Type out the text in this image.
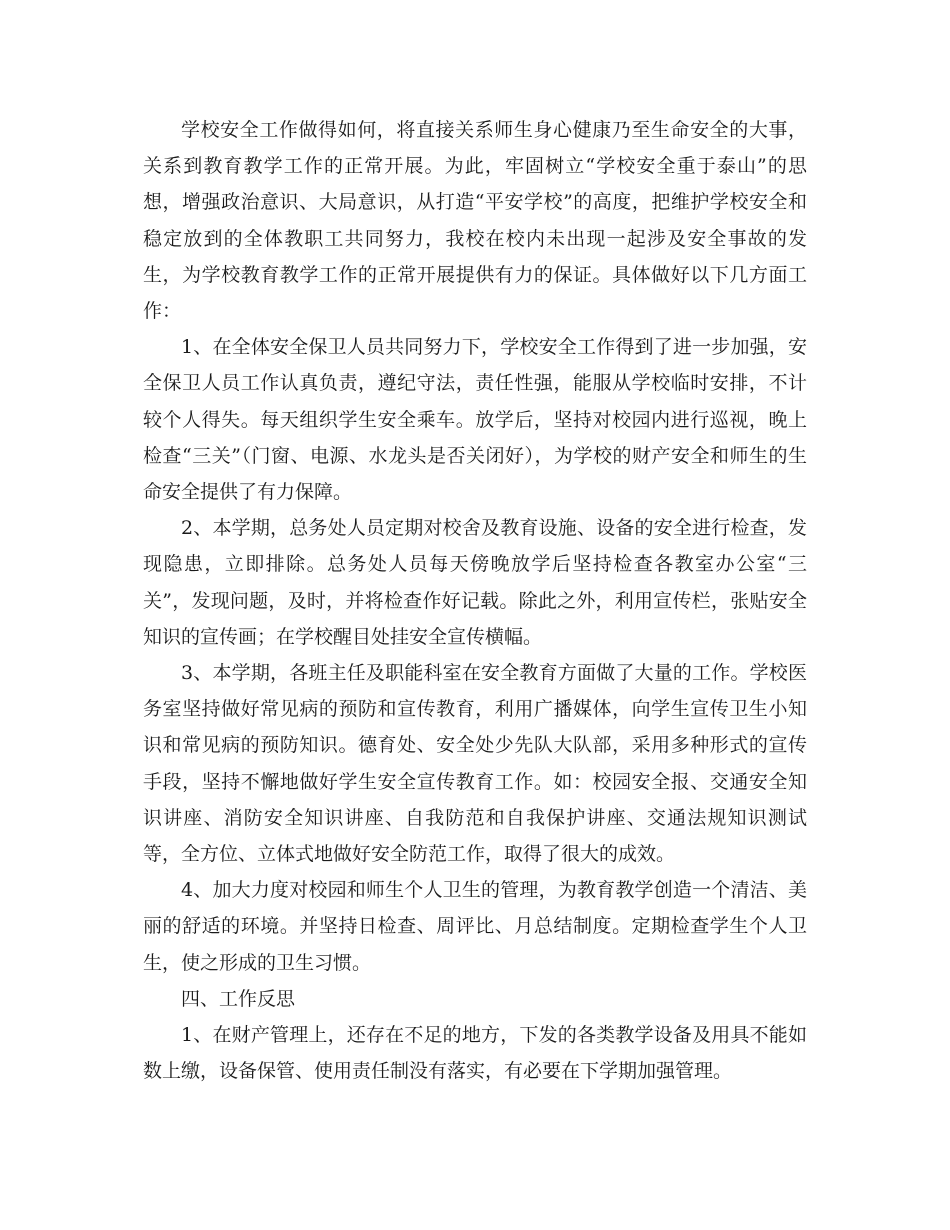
学校安全工作做得如何，将直接关系师生身心健康乃至生命安全的大事，关系到教育教学工作的正常开展。为此，牢固树立“学校安全重于泰山”的思想，增强政治意识、大局意识，从打造“平安学校”的高度，把维护学校安全和稳定放到的全体教职工共同努力，我校在校内未出现一起涉及安全事故的发生，为学校教育教学工作的正常开展提供有力的保证。具体做好以下几方面工作：

1、在全体安全保卫人员共同努力下，学校安全工作得到了进一步加强，安全保卫人员工作认真负责，遵纪守法，责任性强，能服从学校临时安排，不计较个人得失。每天组织学生安全乘车。放学后，坚持对校园内进行巡视，晚上检查“三关”（门窗、电源、水龙头是否关闭好），为学校的财产安全和师生的生命安全提供了有力保障。

2、本学期，总务处人员定期对校舍及教育设施、设备的安全进行检查，发现隐患，立即排除。总务处人员每天傍晚放学后坚持检查各教室办公室“三关”，发现问题，及时，并将检查作好记载。除此之外，利用宣传栏，张贴安全知识的宣传画；在学校醒目处挂安全宣传横幅。

3、本学期，各班主任及职能科室在安全教育方面做了大量的工作。学校医务室坚持做好常见病的预防和宣传教育，利用广播媒体，向学生宣传卫生小知识和常见病的预防知识。德育处、安全处少先队大队部，采用多种形式的宣传手段，坚持不懈地做好学生安全宣传教育工作。如：校园安全报、交通安全知识讲座、消防安全知识讲座、自我防范和自我保护讲座、交通法规知识测试等，全方位、立体式地做好安全防范工作，取得了很大的成效。

4、加大力度对校园和师生个人卫生的管理，为教育教学创造一个清洁、美丽的舒适的环境。并坚持日检查、周评比、月总结制度。定期检查学生个人卫生，使之形成的卫生习惯。

四、工作反思

1、在财产管理上，还存在不足的地方，下发的各类教学设备及用具不能如数上缴，设备保管、使用责任制没有落实，有必要在下学期加强管理。
